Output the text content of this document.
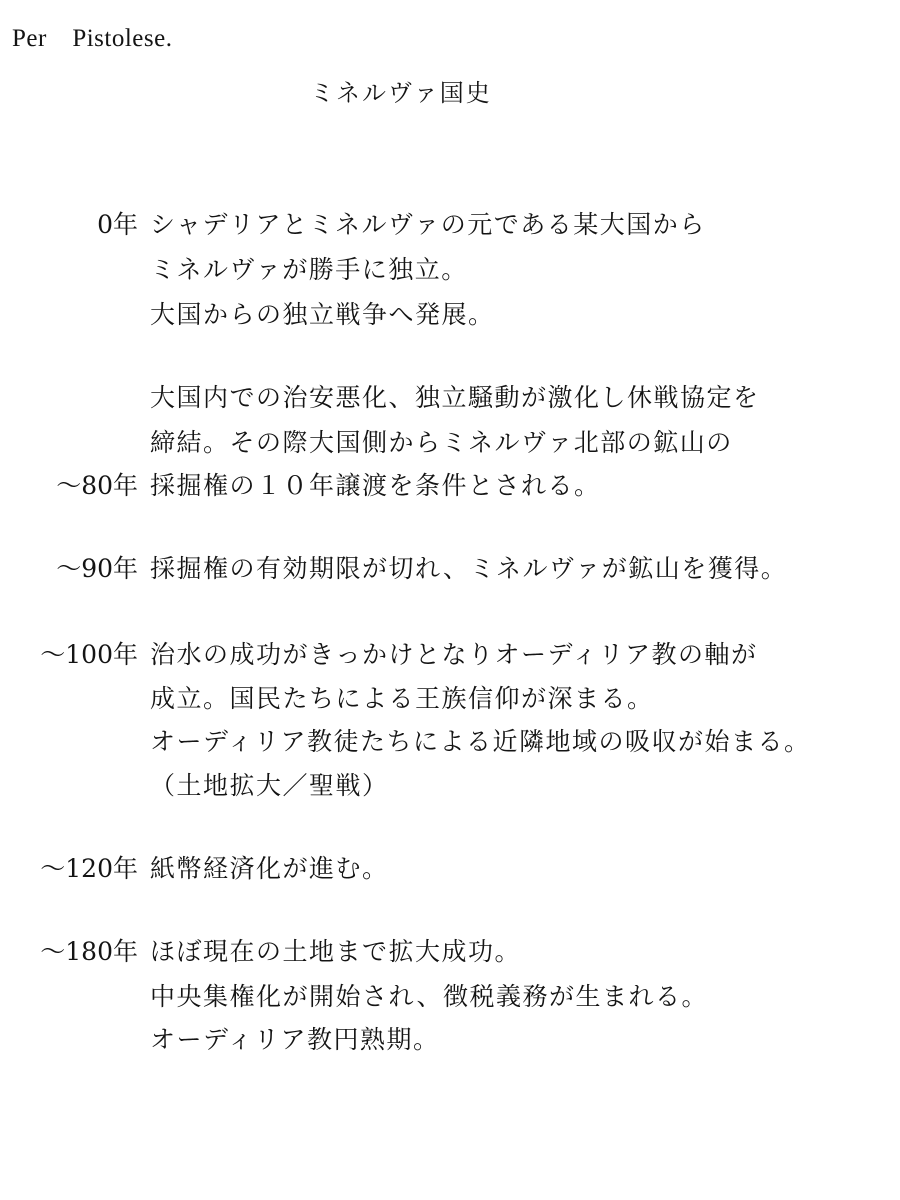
Per　Pistolese.
ミネルヴァ国史
0年 シャデリアとミネルヴァの元である某大国から
ミネルヴァが勝手に独立。
大国からの独立戦争へ発展。
大国内での治安悪化、独立騒動が激化し休戦協定を
締結。その際大国側からミネルヴァ北部の鉱山の
～80年 採掘権の１０年譲渡を条件とされる。
～90年 採掘権の有効期限が切れ、ミネルヴァが鉱山を獲得。
～100年 治水の成功がきっかけとなりオーディリア教の軸が
成立。国民たちによる王族信仰が深まる。
オーディリア教徒たちによる近隣地域の吸収が始まる。
（土地拡大／聖戦）
～120年 紙幣経済化が進む。
～180年 ほぼ現在の土地まで拡大成功。
中央集権化が開始され、徴税義務が生まれる。
オーディリア教円熟期。
